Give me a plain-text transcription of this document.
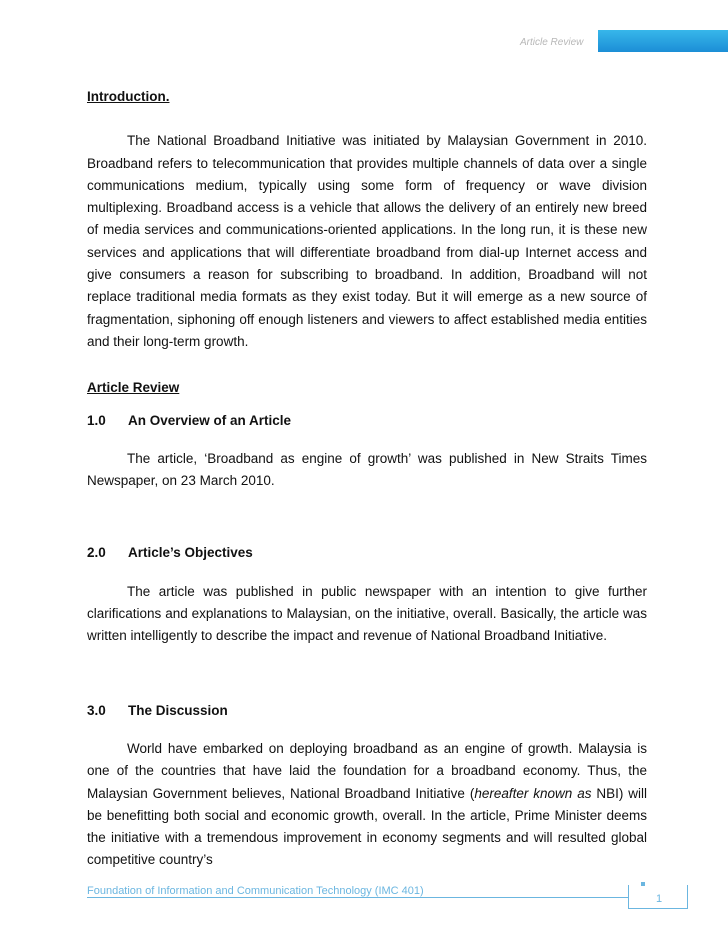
Article Review

Introduction.

The National Broadband Initiative was initiated by Malaysian Government in 2010. Broadband refers to telecommunication that provides multiple channels of data over a single communications medium, typically using some form of frequency or wave division multiplexing. Broadband access is a vehicle that allows the delivery of an entirely new breed of media services and communications-oriented applications. In the long run, it is these new services and applications that will differentiate broadband from dial-up Internet access and give consumers a reason for subscribing to broadband. In addition, Broadband will not replace traditional media formats as they exist today. But it will emerge as a new source of fragmentation, siphoning off enough listeners and viewers to affect established media entities and their long-term growth.

Article Review

1.0	An Overview of an Article

The article, ‘Broadband as engine of growth’ was published in New Straits Times Newspaper, on 23 March 2010.

2.0	Article’s Objectives

The article was published in public newspaper with an intention to give further clarifications and explanations to Malaysian, on the initiative, overall. Basically, the article was written intelligently to describe the impact and revenue of National Broadband Initiative.

3.0	The Discussion

World have embarked on deploying broadband as an engine of growth. Malaysia is one of the countries that have laid the foundation for a broadband economy. Thus, the Malaysian Government believes, National Broadband Initiative (hereafter known as NBI) will be benefitting both social and economic growth, overall. In the article, Prime Minister deems the initiative with a tremendous improvement in economy segments and will resulted global competitive country’s

Foundation of Information and Communication Technology (IMC 401)
1
